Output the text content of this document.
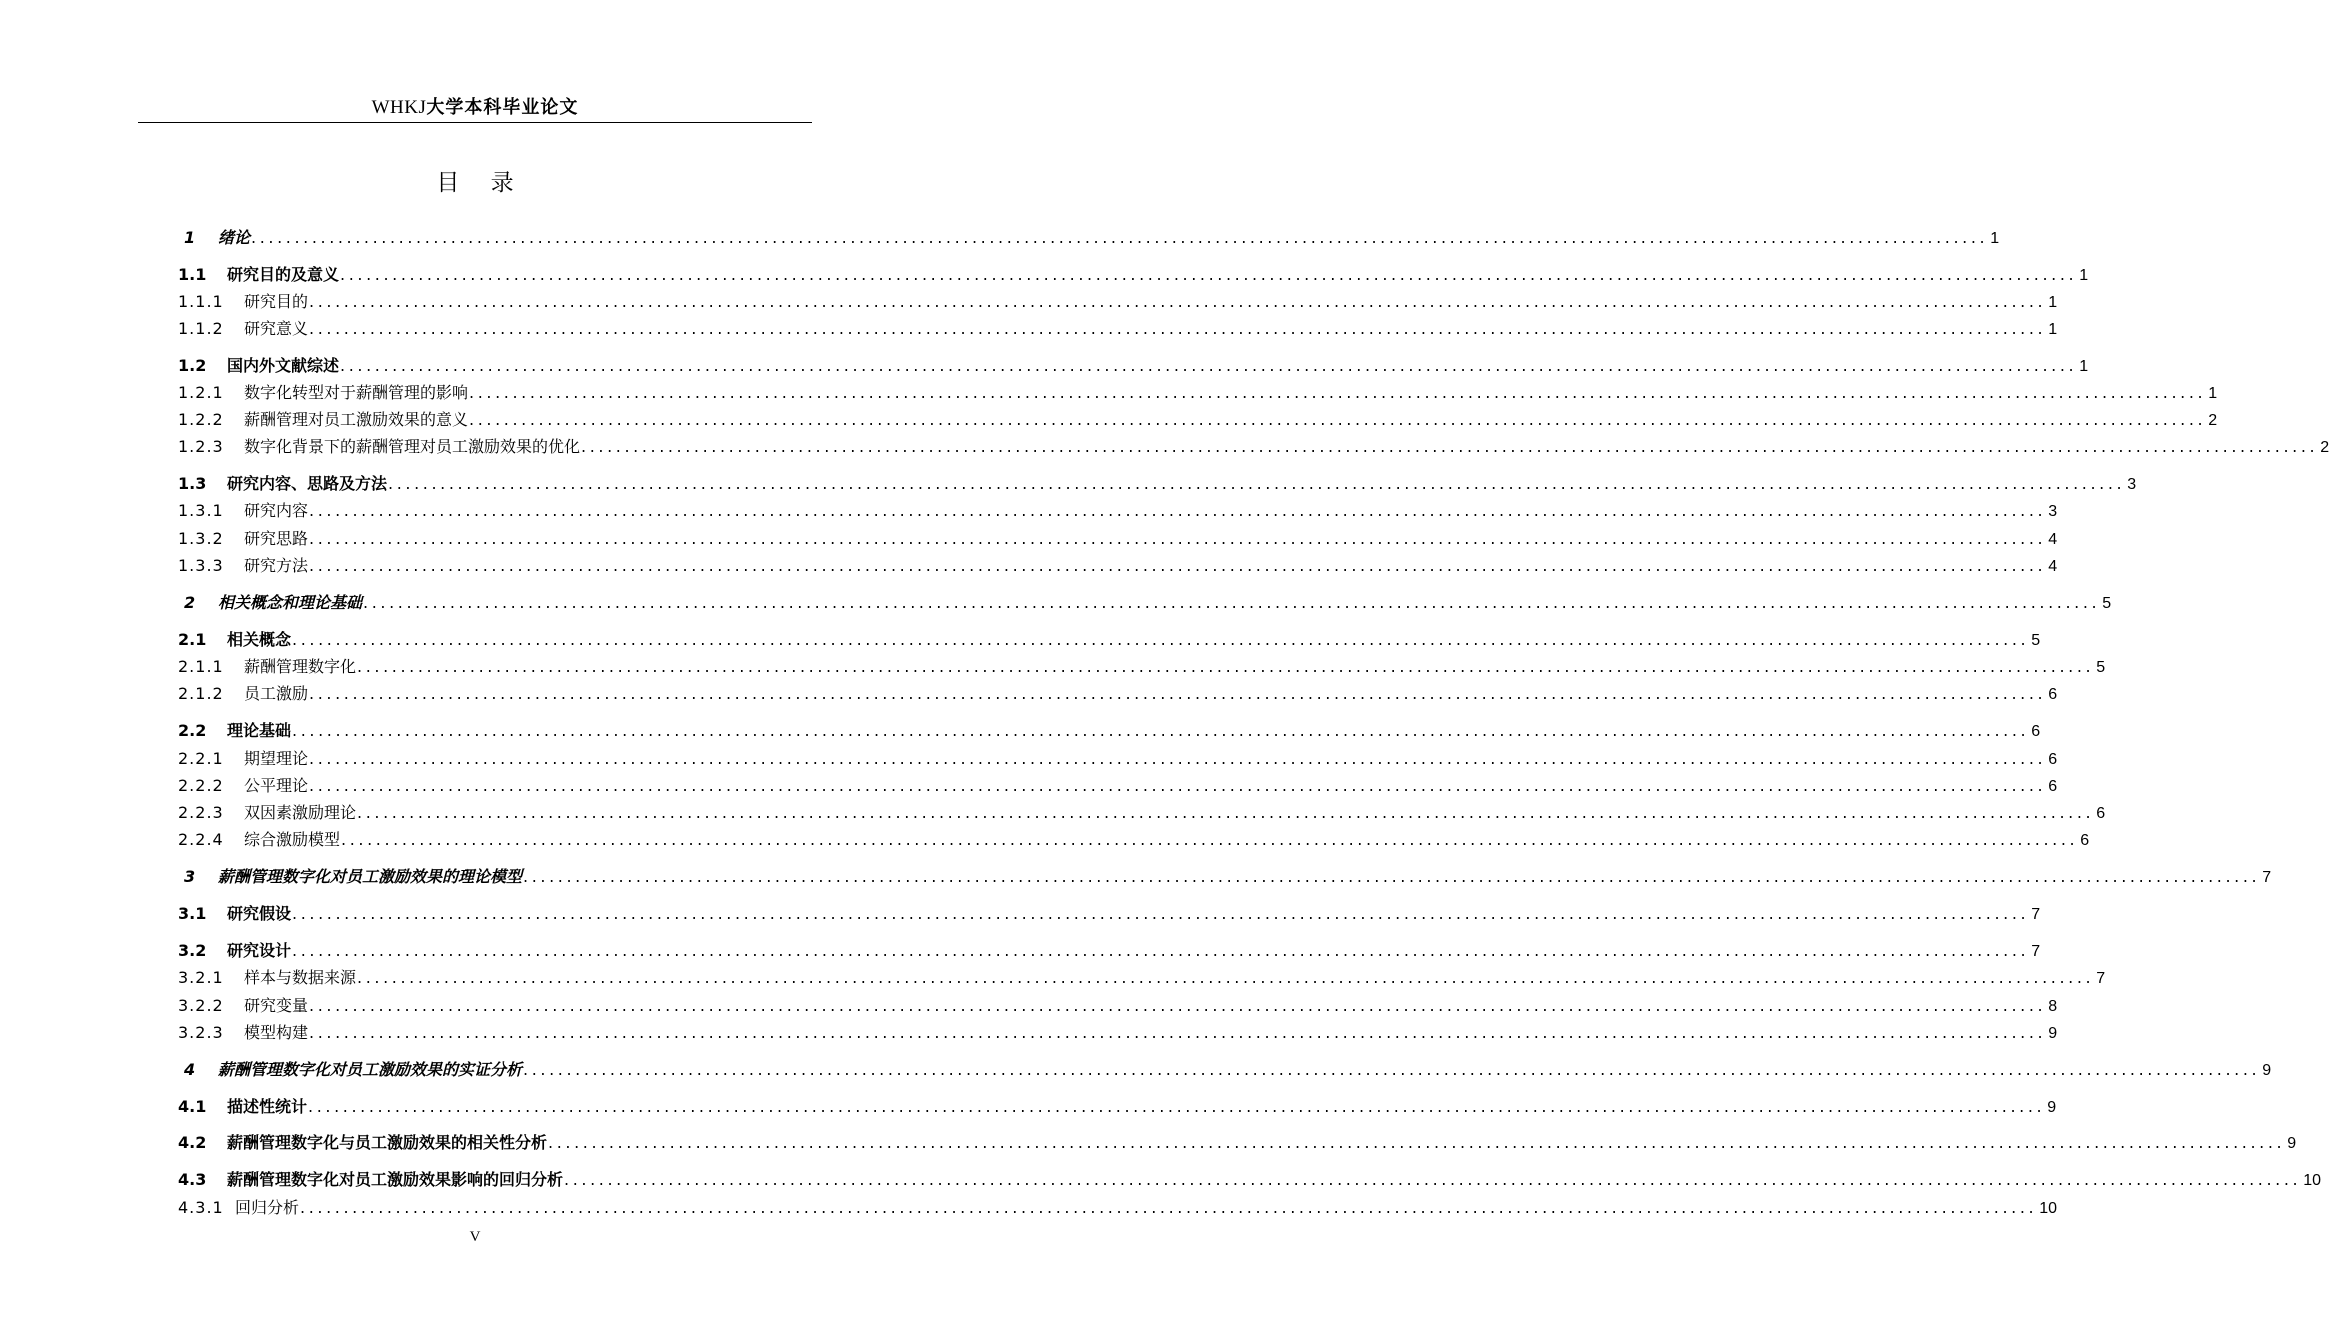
WHKJ大学本科毕业论文
目 录
1	绪论 ........................................................................................................................................................................................................ 1
1.1	研究目的及意义 ........................................................................................................................................................................................................ 1
1.1.1	研究目的 ........................................................................................................................................................................................................ 1
1.1.2	研究意义 ........................................................................................................................................................................................................ 1
1.2	国内外文献综述 ........................................................................................................................................................................................................ 1
1.2.1	数字化转型对于薪酬管理的影响 ........................................................................................................................................................................................................ 1
1.2.2	薪酬管理对员工激励效果的意义 ........................................................................................................................................................................................................ 2
1.2.3	数字化背景下的薪酬管理对员工激励效果的优化 ........................................................................................................................................................................................................ 2
1.3	研究内容、思路及方法 ........................................................................................................................................................................................................ 3
1.3.1	研究内容 ........................................................................................................................................................................................................ 3
1.3.2	研究思路 ........................................................................................................................................................................................................ 4
1.3.3	研究方法 ........................................................................................................................................................................................................ 4
2	相关概念和理论基础 ........................................................................................................................................................................................................ 5
2.1	相关概念 ........................................................................................................................................................................................................ 5
2.1.1	薪酬管理数字化 ........................................................................................................................................................................................................ 5
2.1.2	员工激励 ........................................................................................................................................................................................................ 6
2.2	理论基础 ........................................................................................................................................................................................................ 6
2.2.1	期望理论 ........................................................................................................................................................................................................ 6
2.2.2	公平理论 ........................................................................................................................................................................................................ 6
2.2.3	双因素激励理论 ........................................................................................................................................................................................................ 6
2.2.4	综合激励模型 ........................................................................................................................................................................................................ 6
3	薪酬管理数字化对员工激励效果的理论模型 ........................................................................................................................................................................................................ 7
3.1	研究假设 ........................................................................................................................................................................................................ 7
3.2	研究设计 ........................................................................................................................................................................................................ 7
3.2.1	样本与数据来源 ........................................................................................................................................................................................................ 7
3.2.2	研究变量 ........................................................................................................................................................................................................ 8
3.2.3	模型构建 ........................................................................................................................................................................................................ 9
4	薪酬管理数字化对员工激励效果的实证分析 ........................................................................................................................................................................................................ 9
4.1	描述性统计 ........................................................................................................................................................................................................ 9
4.2	薪酬管理数字化与员工激励效果的相关性分析 ........................................................................................................................................................................................................ 9
4.3	薪酬管理数字化对员工激励效果影响的回归分析 ........................................................................................................................................................................................................ 10
4.3.1 回归分析 ........................................................................................................................................................................................................ 10
V
